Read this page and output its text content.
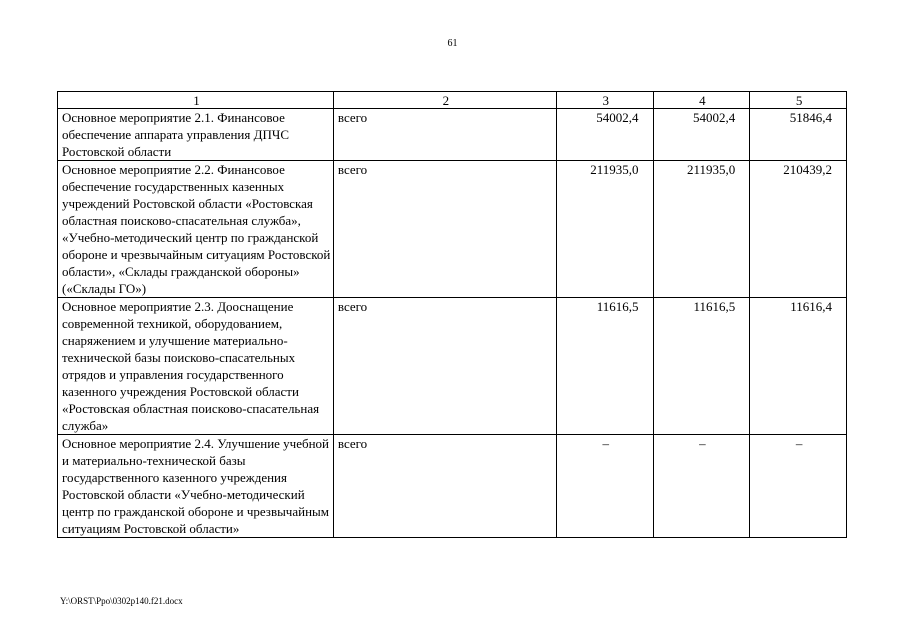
61
1	2	3	4	5
Основное мероприятие 2.1. Финансовое обеспечение аппарата управления ДПЧС Ростовской области	всего	54002,4	54002,4	51846,4
Основное мероприятие 2.2. Финансовое обеспечение государственных казенных учреждений Ростовской области «Ростовская областная поисково-спасательная служба», «Учебно-методический центр по гражданской обороне и чрезвычайным ситуациям Ростовской области», «Склады гражданской обороны» («Склады ГО»)	всего	211935,0	211935,0	210439,2
Основное мероприятие 2.3. Дооснащение современной техникой, оборудованием, снаряжением и улучшение материально-технической базы поисково-спасательных отрядов и управления государственного казенного учреждения Ростовской области «Ростовская областная поисково-спасательная служба»	всего	11616,5	11616,5	11616,4
Основное мероприятие 2.4. Улучшение учебной и материально-технической базы государственного казенного учреждения Ростовской области «Учебно-методический центр по гражданской обороне и чрезвычайным ситуациям Ростовской области»	всего	–	–	–
Y:\ORST\Ppo\0302p140.f21.docx
